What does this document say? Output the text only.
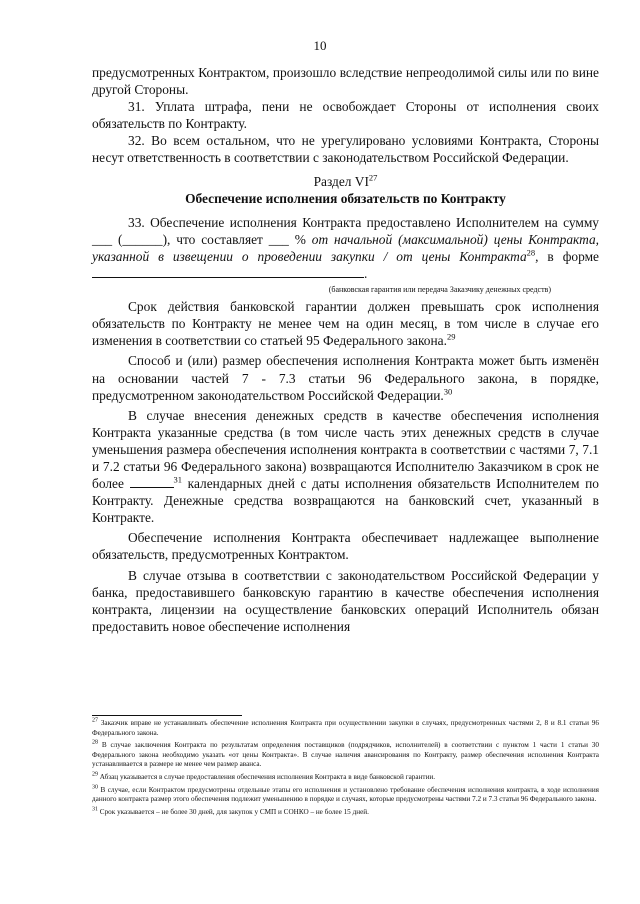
10

предусмотренных Контрактом, произошло вследствие непреодолимой силы или по вине другой Стороны.

31. Уплата штрафа, пени не освобождает Стороны от исполнения своих обязательств по Контракту.

32. Во всем остальном, что не урегулировано условиями Контракта, Стороны несут ответственность в соответствии с законодательством Российской Федерации.

Раздел VI$^{27}$

Обеспечение исполнения обязательств по Контракту

33. Обеспечение исполнения Контракта предоставлено Исполнителем на сумму ___ (______), что составляет ___ % от начальной (максимальной) цены Контракта, указанной в извещении о проведении закупки / от цены Контракта$^{28}$, в форме.

(банковская гарантия или передача Заказчику денежных средств)

Срок действия банковской гарантии должен превышать срок исполнения обязательств по Контракту не менее чем на один месяц, в том числе в случае его изменения в соответствии со статьей 95 Федерального закона.$^{29}$

Способ и (или) размер обеспечения исполнения Контракта может быть изменён на основании частей 7 - 7.3 статьи 96 Федерального закона, в порядке, предусмотренном законодательством Российской Федерации.$^{30}$

В случае внесения денежных средств в качестве обеспечения исполнения Контракта указанные средства (в том числе часть этих денежных средств в случае уменьшения размера обеспечения исполнения контракта в соответствии с частями 7, 7.1 и 7.2 статьи 96 Федерального закона) возвращаются Исполнителю Заказчиком в срок не более	$^{31}$ календарных дней с даты исполнения обязательств Исполнителем по Контракту. Денежные средства возвращаются на банковский счет, указанный в Контракте.

Обеспечение исполнения Контракта обеспечивает надлежащее выполнение обязательств, предусмотренных Контрактом.

В случае отзыва в соответствии с законодательством Российской Федерации у банка, предоставившего банковскую гарантию в качестве обеспечения исполнения контракта, лицензии на осуществление банковских операций Исполнитель обязан предоставить новое обеспечение исполнения

$^{27}$ Заказчик вправе не устанавливать обеспечение исполнения Контракта при осуществлении закупки в случаях, предусмотренных частями 2, 8 и 8.1 статьи 96 Федерального закона.

$^{28}$ В случае заключения Контракта по результатам определения поставщиков (подрядчиков, исполнителей) в соответствии с пунктом 1 части 1 статьи 30 Федерального закона необходимо указать «от цены Контракта». В случае наличия авансирования по Контракту, размер обеспечения исполнения Контракта устанавливается в размере не менее чем размер аванса.

$^{29}$ Абзац указывается в случае предоставления обеспечения исполнения Контракта в виде банковской гарантии.

$^{30}$ В случае, если Контрактом предусмотрены отдельные этапы его исполнения и установлено требование обеспечения исполнения контракта, в ходе исполнения данного контракта размер этого обеспечения подлежит уменьшению в порядке и случаях, которые предусмотрены частями 7.2 и 7.3 статьи 96 Федерального закона.

$^{31}$ Срок указывается – не более 30 дней, для закупок у СМП и СОНКО – не более 15 дней.
